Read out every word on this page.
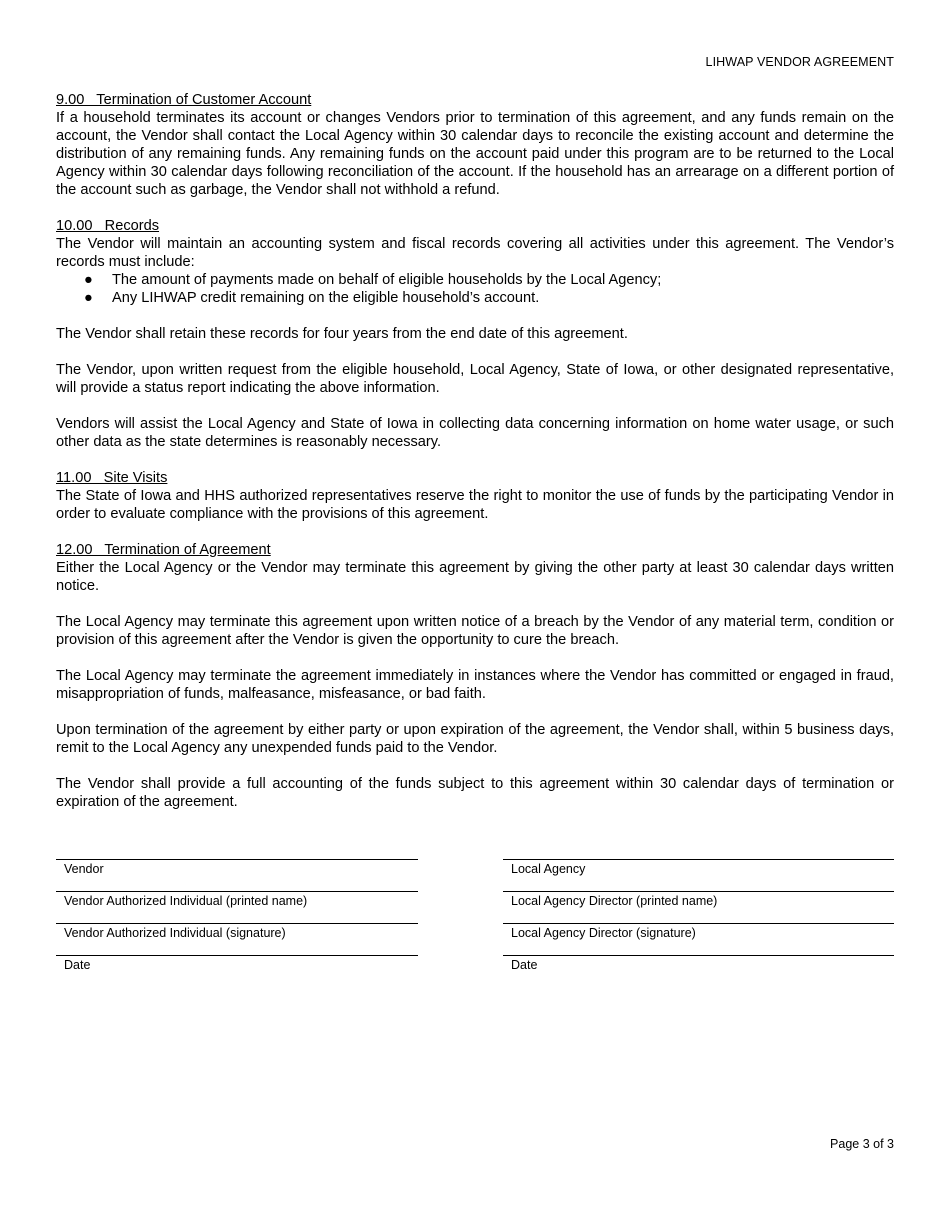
LIHWAP VENDOR AGREEMENT
9.00   Termination of Customer Account

If a household terminates its account or changes Vendors prior to termination of this agreement, and any funds remain on the account, the Vendor shall contact the Local Agency within 30 calendar days to reconcile the existing account and determine the distribution of any remaining funds. Any remaining funds on the account paid under this program are to be returned to the Local Agency within 30 calendar days following reconciliation of the account. If the household has an arrearage on a different portion of the account such as garbage, the Vendor shall not withhold a refund.

10.00   Records

The Vendor will maintain an accounting system and fiscal records covering all activities under this agreement. The Vendor’s records must include:

● The amount of payments made on behalf of eligible households by the Local Agency;
● Any LIHWAP credit remaining on the eligible household’s account.

The Vendor shall retain these records for four years from the end date of this agreement.

The Vendor, upon written request from the eligible household, Local Agency, State of Iowa, or other designated representative, will provide a status report indicating the above information.

Vendors will assist the Local Agency and State of Iowa in collecting data concerning information on home water usage, or such other data as the state determines is reasonably necessary.

11.00   Site Visits

The State of Iowa and HHS authorized representatives reserve the right to monitor the use of funds by the participating Vendor in order to evaluate compliance with the provisions of this agreement.

12.00   Termination of Agreement

Either the Local Agency or the Vendor may terminate this agreement by giving the other party at least 30 calendar days written notice.

The Local Agency may terminate this agreement upon written notice of a breach by the Vendor of any material term, condition or provision of this agreement after the Vendor is given the opportunity to cure the breach.

The Local Agency may terminate the agreement immediately in instances where the Vendor has committed or engaged in fraud, misappropriation of funds, malfeasance, misfeasance, or bad faith.

Upon termination of the agreement by either party or upon expiration of the agreement, the Vendor shall, within 5 business days, remit to the Local Agency any unexpended funds paid to the Vendor.

The Vendor shall provide a full accounting of the funds subject to this agreement within 30 calendar days of termination or expiration of the agreement.

Vendor
Vendor Authorized Individual (printed name)
Vendor Authorized Individual (signature)
Date
Local Agency
Local Agency Director (printed name)
Local Agency Director (signature)
Date
Page 3 of 3
